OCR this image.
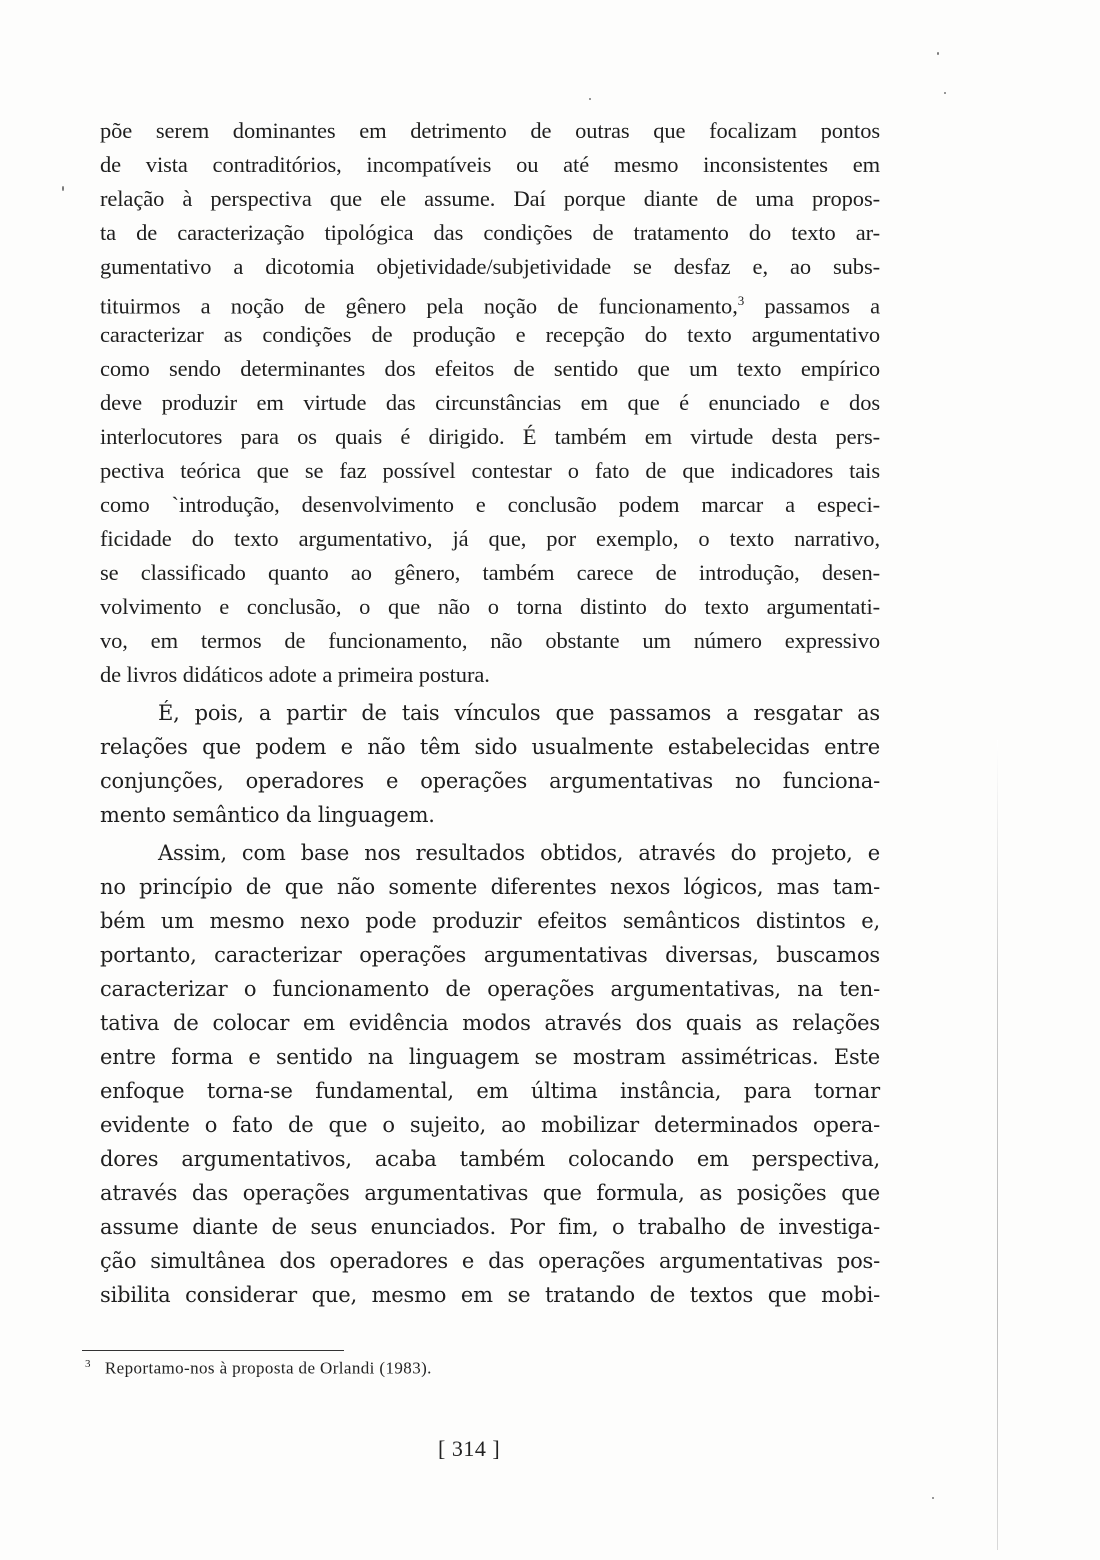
põe serem dominantes em detrimento de outras que focalizam pontos
de vista contraditórios, incompatíveis ou até mesmo inconsistentes em
relação à perspectiva que ele assume. Daí porque diante de uma propos-
ta de caracterização tipológica das condições de tratamento do texto ar-
gumentativo a dicotomia objetividade/subjetividade se desfaz e, ao subs-
tituirmos a noção de gênero pela noção de funcionamento,$^3$ passamos a
caracterizar as condições de produção e recepção do texto argumentativo
como sendo determinantes dos efeitos de sentido que um texto empírico
deve produzir em virtude das circunstâncias em que é enunciado e dos
interlocutores para os quais é dirigido. É também em virtude desta pers-
pectiva teórica que se faz possível contestar o fato de que indicadores tais
como `introdução, desenvolvimento e conclusão podem marcar a especi-
ficidade do texto argumentativo, já que, por exemplo, o texto narrativo,
se classificado quanto ao gênero, também carece de introdução, desen-
volvimento e conclusão, o que não o torna distinto do texto argumentati-
vo, em termos de funcionamento, não obstante um número expressivo
de livros didáticos adote a primeira postura.
É, pois, a partir de tais vínculos que passamos a resgatar as
relações que podem e não têm sido usualmente estabelecidas entre
conjunções, operadores e operações argumentativas no funciona-
mento semântico da linguagem.
Assim, com base nos resultados obtidos, através do projeto, e
no princípio de que não somente diferentes nexos lógicos, mas tam-
bém um mesmo nexo pode produzir efeitos semânticos distintos e,
portanto, caracterizar operações argumentativas diversas, buscamos
caracterizar o funcionamento de operações argumentativas, na ten-
tativa de colocar em evidência modos através dos quais as relações
entre forma e sentido na linguagem se mostram assimétricas. Este
enfoque torna-se fundamental, em última instância, para tornar
evidente o fato de que o sujeito, ao mobilizar determinados opera-
dores argumentativos, acaba também colocando em perspectiva,
através das operações argumentativas que formula, as posições que
assume diante de seus enunciados. Por fim, o trabalho de investiga-
ção simultânea dos operadores e das operações argumentativas pos-
sibilita considerar que, mesmo em se tratando de textos que mobi-
$^3$ Reportamo-nos à proposta de Orlandi (1983).
[ 314 ]
